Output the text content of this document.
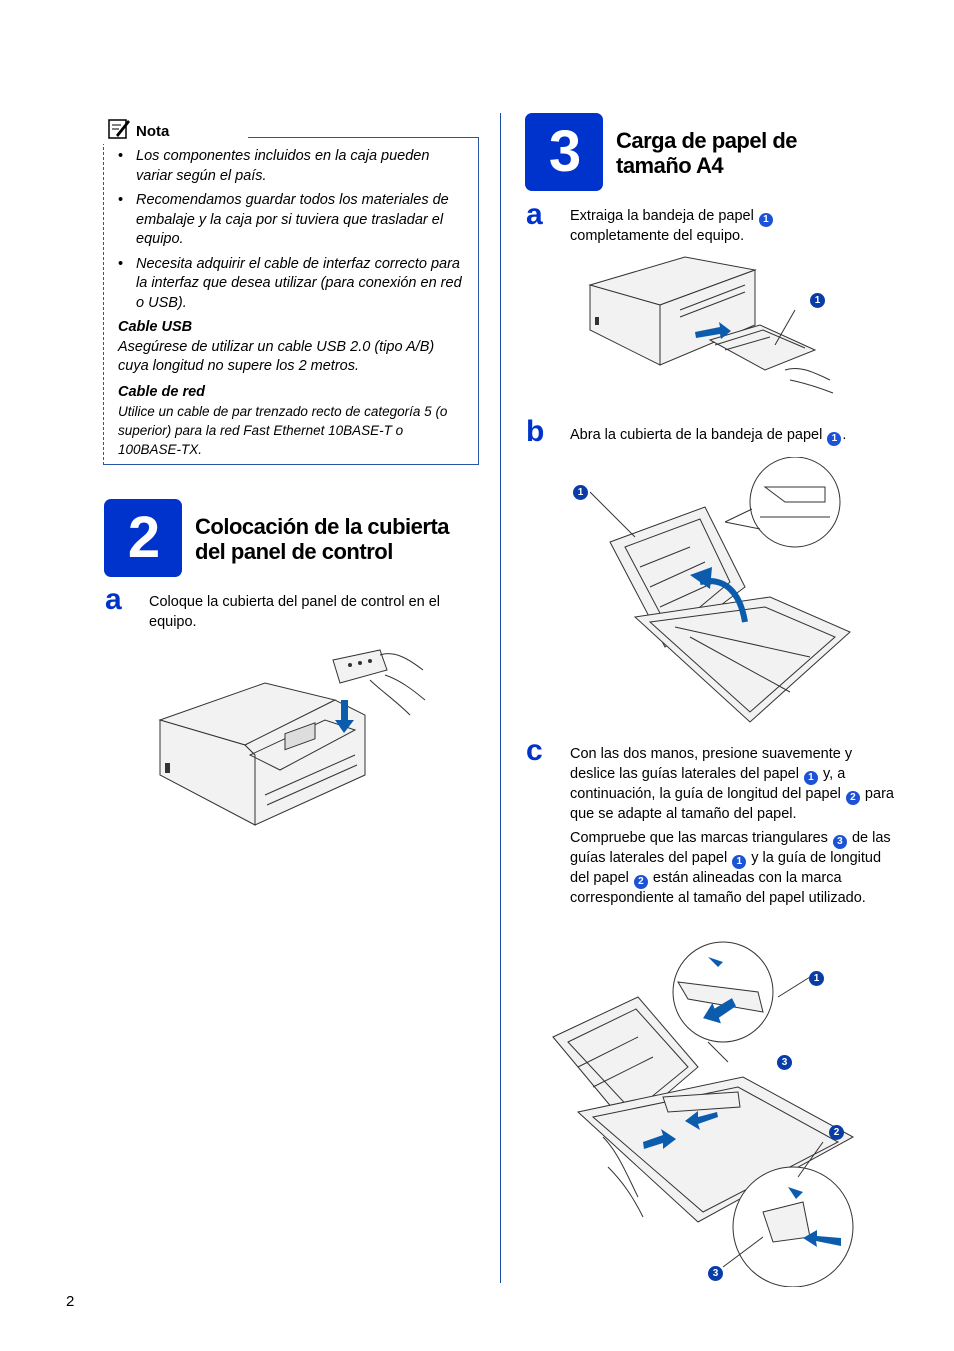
Nota
• Los componentes incluidos en la caja pueden variar según el país.
• Recomendamos guardar todos los materiales de embalaje y la caja por si tuviera que trasladar el equipo.
• Necesita adquirir el cable de interfaz correcto para la interfaz que desea utilizar (para conexión en red o USB).
Cable USB
Asegúrese de utilizar un cable USB 2.0 (tipo A/B) cuya longitud no supere los 2 metros.
Cable de red
Utilice un cable de par trenzado recto de categoría 5 (o superior) para la red Fast Ethernet 10BASE-T o 100BASE-TX.
2	Colocación de la cubierta
del panel de control
a Coloque la cubierta del panel de control en el equipo.
3	Carga de papel de
tamaño A4
a Extraiga la bandeja de papel 1
completamente del equipo.
1
b Abra la cubierta de la bandeja de papel 1 .
1
c Con las dos manos, presione suavemente y deslice las guías laterales del papel 1 y, a continuación, la guía de longitud del papel 2 para que se adapte al tamaño del papel.
Compruebe que las marcas triangulares 3 de las guías laterales del papel 1 y la guía de longitud del papel 2 están alineadas con la marca correspondiente al tamaño del papel utilizado.
1
3
2
3
2
